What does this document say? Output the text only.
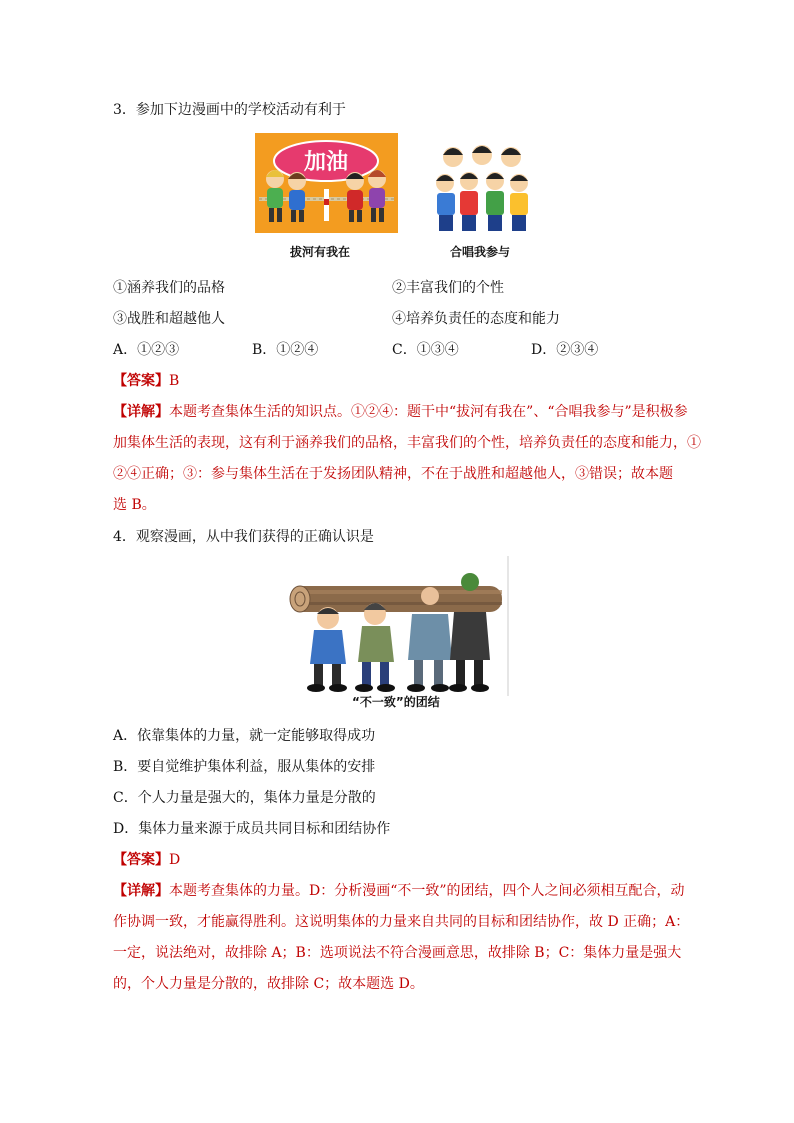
3．参加下边漫画中的学校活动有利于
加油
拔河有我在	合唱我参与
①涵养我们的品格	②丰富我们的个性
③战胜和超越他人	④培养负责任的态度和能力
A．①②③	B．①②④	C．①③④	D．②③④
【答案】B
【详解】本题考查集体生活的知识点。①②④：题干中“拔河有我在”、“合唱我参与”是积极参
加集体生活的表现，这有利于涵养我们的品格，丰富我们的个性，培养负责任的态度和能力，①
②④正确；③：参与集体生活在于发扬团队精神，不在于战胜和超越他人，③错误；故本题
选 B。
4．观察漫画，从中我们获得的正确认识是
“不一致”的团结
A．依靠集体的力量，就一定能够取得成功
B．要自觉维护集体利益，服从集体的安排
C．个人力量是强大的，集体力量是分散的
D．集体力量来源于成员共同目标和团结协作
【答案】D
【详解】本题考查集体的力量。D：分析漫画“不一致”的团结，四个人之间必须相互配合，动
作协调一致，才能赢得胜利。这说明集体的力量来自共同的目标和团结协作，故 D 正确；A：
一定，说法绝对，故排除 A；B：选项说法不符合漫画意思，故排除 B；C：集体力量是强大
的，个人力量是分散的，故排除 C；故本题选 D。
